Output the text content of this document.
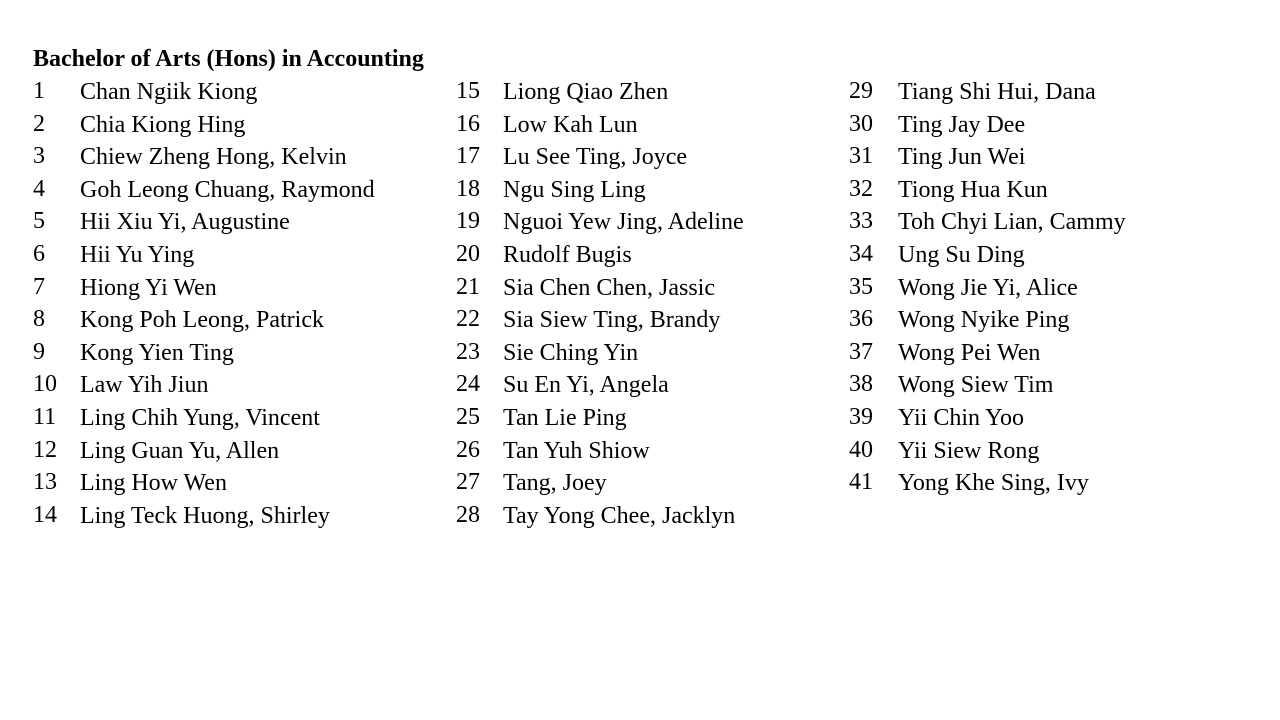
Bachelor of Arts (Hons) in Accounting
1 Chan Ngiik Kiong
2 Chia Kiong Hing
3 Chiew Zheng Hong, Kelvin
4 Goh Leong Chuang, Raymond
5 Hii Xiu Yi, Augustine
6 Hii Yu Ying
7 Hiong Yi Wen
8 Kong Poh Leong, Patrick
9 Kong Yien Ting
10 Law Yih Jiun
11 Ling Chih Yung, Vincent
12 Ling Guan Yu, Allen
13 Ling How Wen
14 Ling Teck Huong, Shirley
15 Liong Qiao Zhen
16 Low Kah Lun
17 Lu See Ting, Joyce
18 Ngu Sing Ling
19 Nguoi Yew Jing, Adeline
20 Rudolf Bugis
21 Sia Chen Chen, Jassic
22 Sia Siew Ting, Brandy
23 Sie Ching Yin
24 Su En Yi, Angela
25 Tan Lie Ping
26 Tan Yuh Shiow
27 Tang, Joey
28 Tay Yong Chee, Jacklyn
29 Tiang Shi Hui, Dana
30 Ting Jay Dee
31 Ting Jun Wei
32 Tiong Hua Kun
33 Toh Chyi Lian, Cammy
34 Ung Su Ding
35 Wong Jie Yi, Alice
36 Wong Nyike Ping
37 Wong Pei Wen
38 Wong Siew Tim
39 Yii Chin Yoo
40 Yii Siew Rong
41 Yong Khe Sing, Ivy
